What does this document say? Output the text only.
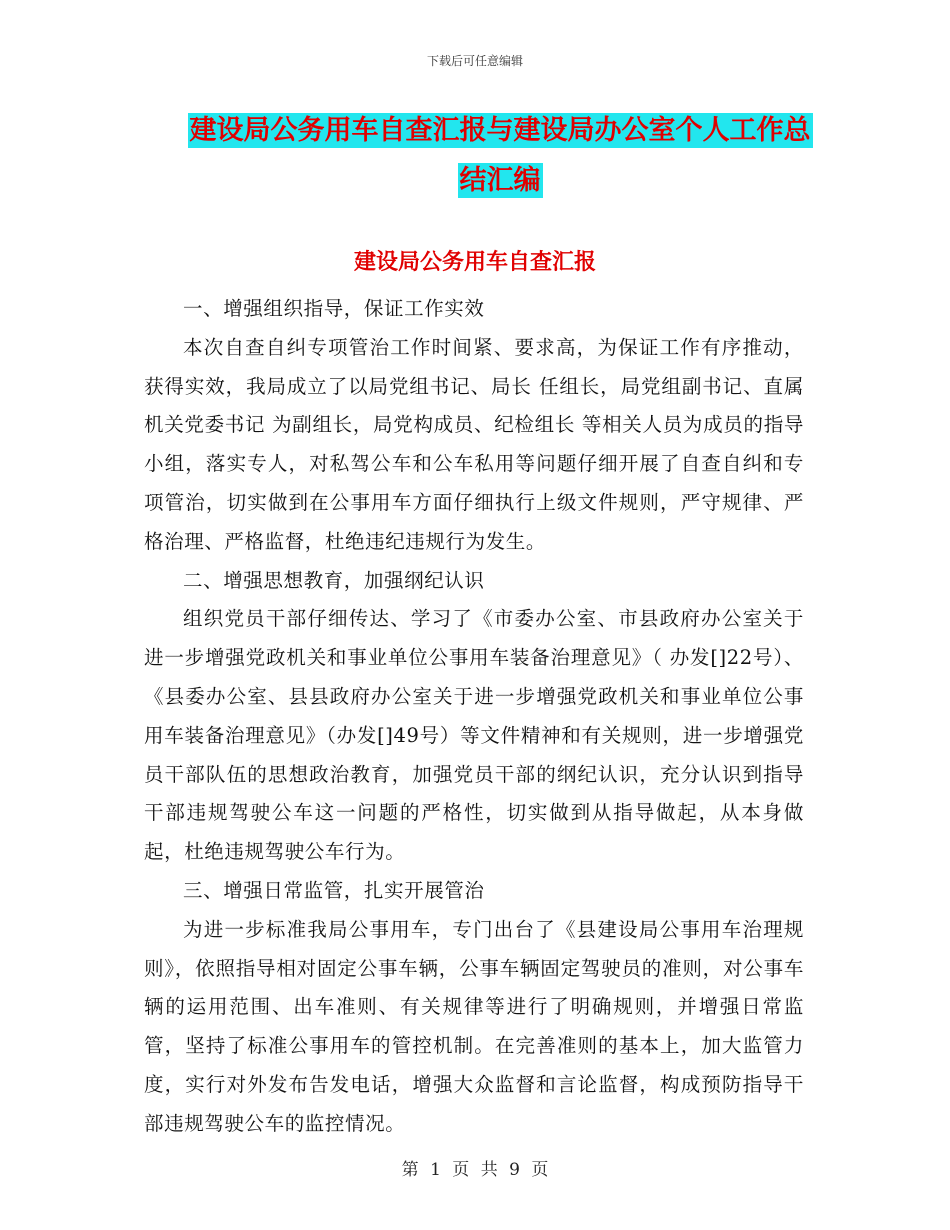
下载后可任意编辑
建设局公务用车自查汇报与建设局办公室个人工作总
结汇编
建设局公务用车自查汇报

一、增强组织指导，保证工作实效

本次自查自纠专项管治工作时间紧、要求高，为保证工作有序推动，获得实效，我局成立了以局党组书记、局长 任组长，局党组副书记、直属机关党委书记 为副组长，局党构成员、纪检组长 等相关人员为成员的指导小组，落实专人，对私驾公车和公车私用等问题仔细开展了自查自纠和专项管治，切实做到在公事用车方面仔细执行上级文件规则，严守规律、严格治理、严格监督，杜绝违纪违规行为发生。

二、增强思想教育，加强纲纪认识

组织党员干部仔细传达、学习了《市委办公室、市县政府办公室关于进一步增强党政机关和事业单位公事用车装备治理意见》（ 办发[]22号）、《县委办公室、县县政府办公室关于进一步增强党政机关和事业单位公事用车装备治理意见》（办发[]49号）等文件精神和有关规则，进一步增强党员干部队伍的思想政治教育，加强党员干部的纲纪认识，充分认识到指导干部违规驾驶公车这一问题的严格性，切实做到从指导做起，从本身做起，杜绝违规驾驶公车行为。

三、增强日常监管，扎实开展管治

为进一步标准我局公事用车，专门出台了《县建设局公事用车治理规则》，依照指导相对固定公事车辆，公事车辆固定驾驶员的准则，对公事车辆的运用范围、出车准则、有关规律等进行了明确规则，并增强日常监管，坚持了标准公事用车的管控机制。在完善准则的基本上，加大监管力度，实行对外发布告发电话，增强大众监督和言论监督，构成预防指导干部违规驾驶公车的监控情况。

第 1 页 共 9 页
